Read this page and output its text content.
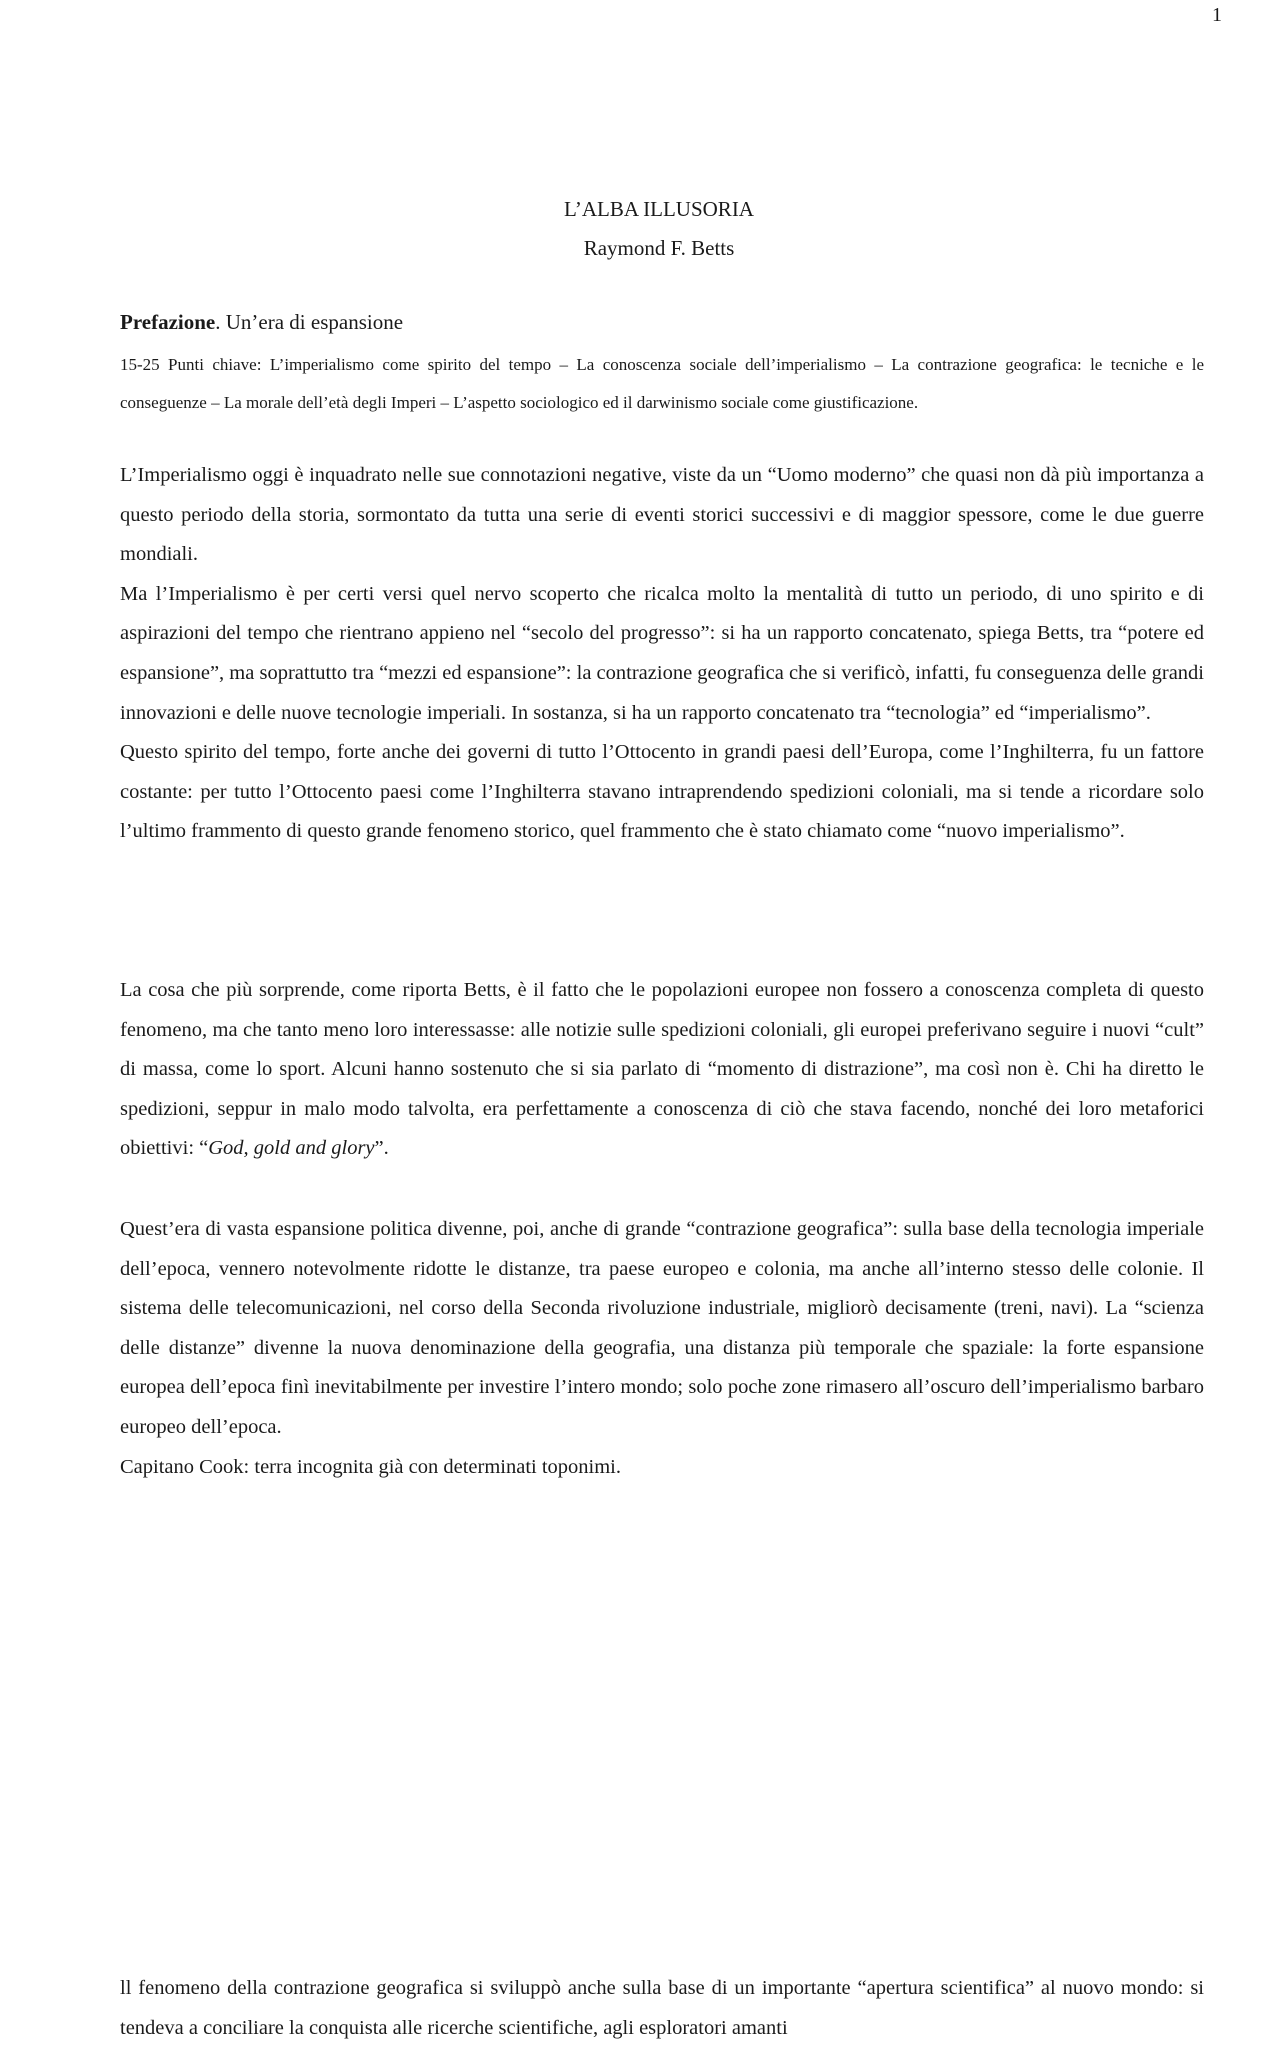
1
L’ALBA ILLUSORIA
Raymond F. Betts
Prefazione. Un’era di espansione

15-25 Punti chiave: L’imperialismo come spirito del tempo – La conoscenza sociale dell’imperialismo – La contrazione geografica: le tecniche e le conseguenze – La morale dell’età degli Imperi – L’aspetto sociologico ed il darwinismo sociale come giustificazione.

L’Imperialismo oggi è inquadrato nelle sue connotazioni negative, viste da un “Uomo moderno” che quasi non dà più importanza a questo periodo della storia, sormontato da tutta una serie di eventi storici successivi e di maggior spessore, come le due guerre mondiali.
Ma l’Imperialismo è per certi versi quel nervo scoperto che ricalca molto la mentalità di tutto un periodo, di uno spirito e di aspirazioni del tempo che rientrano appieno nel “secolo del progresso”: si ha un rapporto concatenato, spiega Betts, tra “potere ed espansione”, ma soprattutto tra “mezzi ed espansione”: la contrazione geografica che si verificò, infatti, fu conseguenza delle grandi innovazioni e delle nuove tecnologie imperiali. In sostanza, si ha un rapporto concatenato tra “tecnologia” ed “imperialismo”.
Questo spirito del tempo, forte anche dei governi di tutto l’Ottocento in grandi paesi dell’Europa, come l’Inghilterra, fu un fattore costante: per tutto l’Ottocento paesi come l’Inghilterra stavano intraprendendo spedizioni coloniali, ma si tende a ricordare solo l’ultimo frammento di questo grande fenomeno storico, quel frammento che è stato chiamato come “nuovo imperialismo”.

La cosa che più sorprende, come riporta Betts, è il fatto che le popolazioni europee non fossero a conoscenza completa di questo fenomeno, ma che tanto meno loro interessasse: alle notizie sulle spedizioni coloniali, gli europei preferivano seguire i nuovi “cult” di massa, come lo sport. Alcuni hanno sostenuto che si sia parlato di “momento di distrazione”, ma così non è. Chi ha diretto le spedizioni, seppur in malo modo talvolta, era perfettamente a conoscenza di ciò che stava facendo, nonché dei loro metaforici obiettivi: “God, gold and glory”.

Quest’era di vasta espansione politica divenne, poi, anche di grande “contrazione geografica”: sulla base della tecnologia imperiale dell’epoca, vennero notevolmente ridotte le distanze, tra paese europeo e colonia, ma anche all’interno stesso delle colonie. Il sistema delle telecomunicazioni, nel corso della Seconda rivoluzione industriale, migliorò decisamente (treni, navi). La “scienza delle distanze” divenne la nuova denominazione della geografia, una distanza più temporale che spaziale: la forte espansione europea dell’epoca finì inevitabilmente per investire l’intero mondo; solo poche zone rimasero all’oscuro dell’imperialismo barbaro europeo dell’epoca.
Capitano Cook: terra incognita già con determinati toponimi.

ll fenomeno della contrazione geografica si sviluppò anche sulla base di un importante “apertura scientifica” al nuovo mondo: si tendeva a conciliare la conquista alle ricerche scientifiche, agli esploratori amanti
